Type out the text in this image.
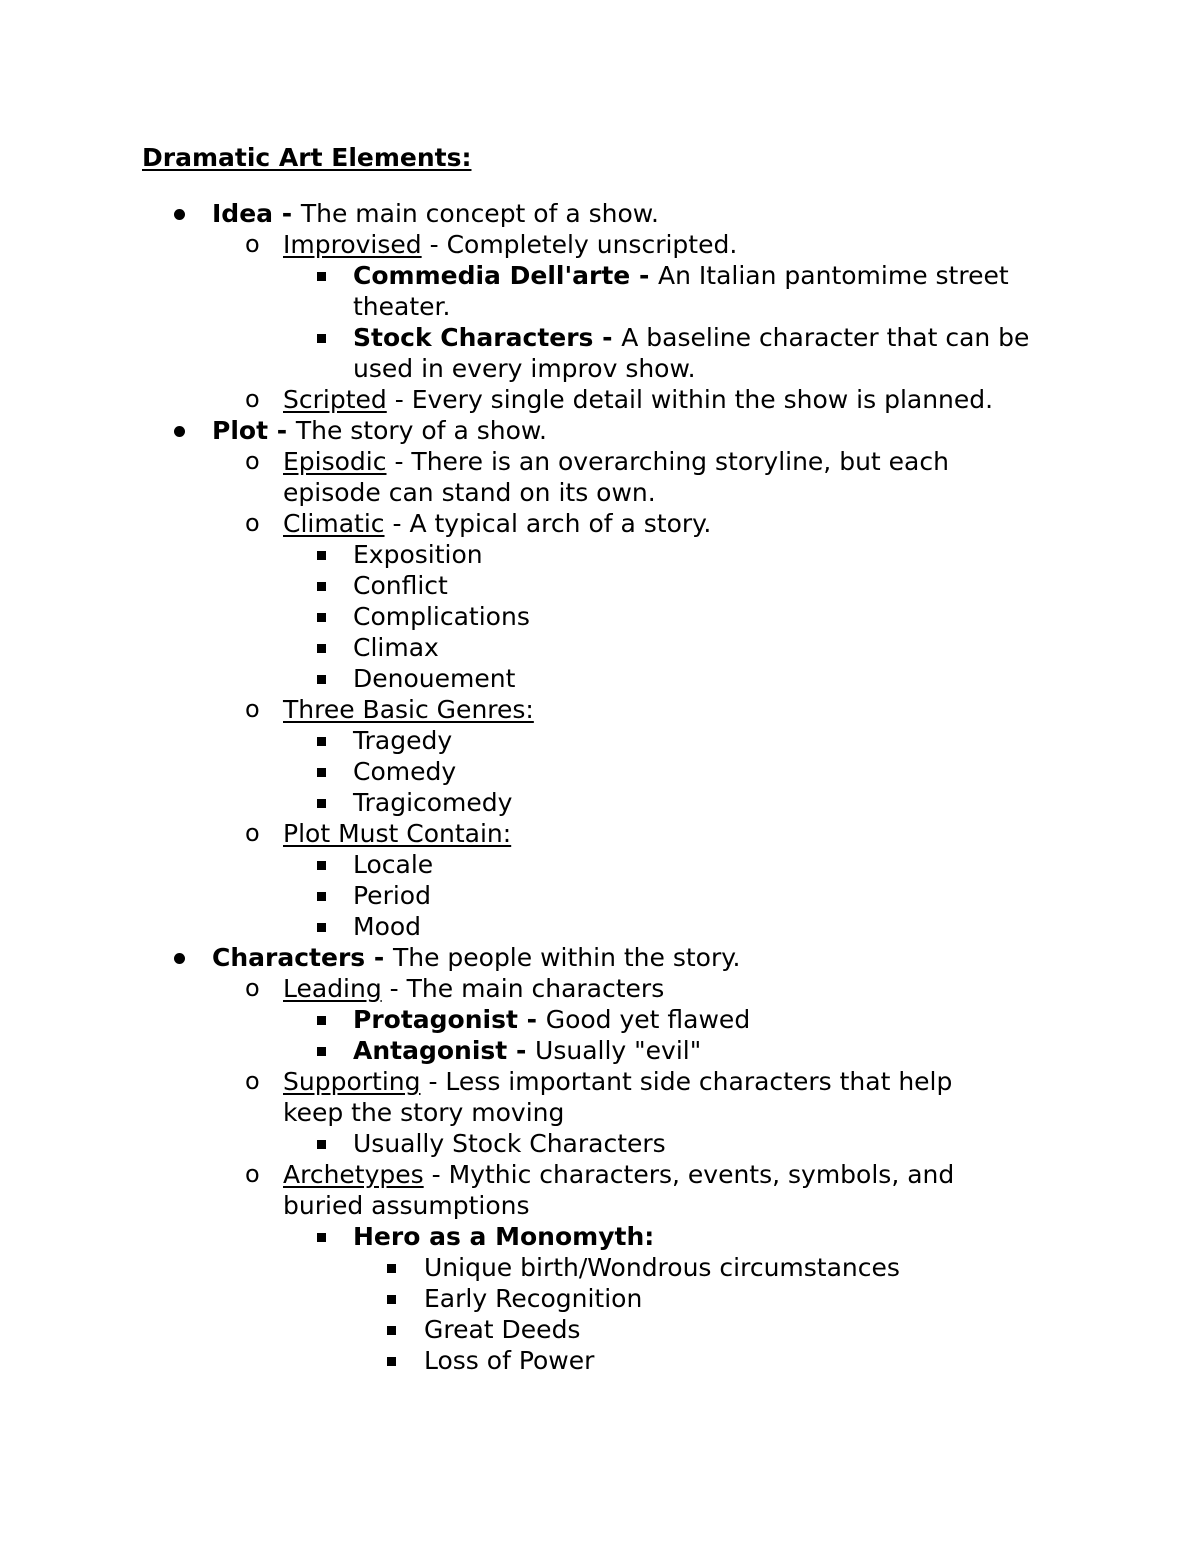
Dramatic Art Elements:
Idea - The main concept of a show.
o Improvised - Completely unscripted.
Commedia Dell'arte - An Italian pantomime street theater.
Stock Characters - A baseline character that can be used in every improv show.
o Scripted - Every single detail within the show is planned.
Plot - The story of a show.
o Episodic - There is an overarching storyline, but each episode can stand on its own.
o Climatic - A typical arch of a story.
Exposition
Conflict
Complications
Climax
Denouement
o Three Basic Genres:
Tragedy
Comedy
Tragicomedy
o Plot Must Contain:
Locale
Period
Mood
Characters - The people within the story.
o Leading - The main characters
Protagonist - Good yet flawed
Antagonist - Usually "evil"
o Supporting - Less important side characters that help keep the story moving
Usually Stock Characters
o Archetypes - Mythic characters, events, symbols, and buried assumptions
Hero as a Monomyth:
Unique birth/Wondrous circumstances
Early Recognition
Great Deeds
Loss of Power
